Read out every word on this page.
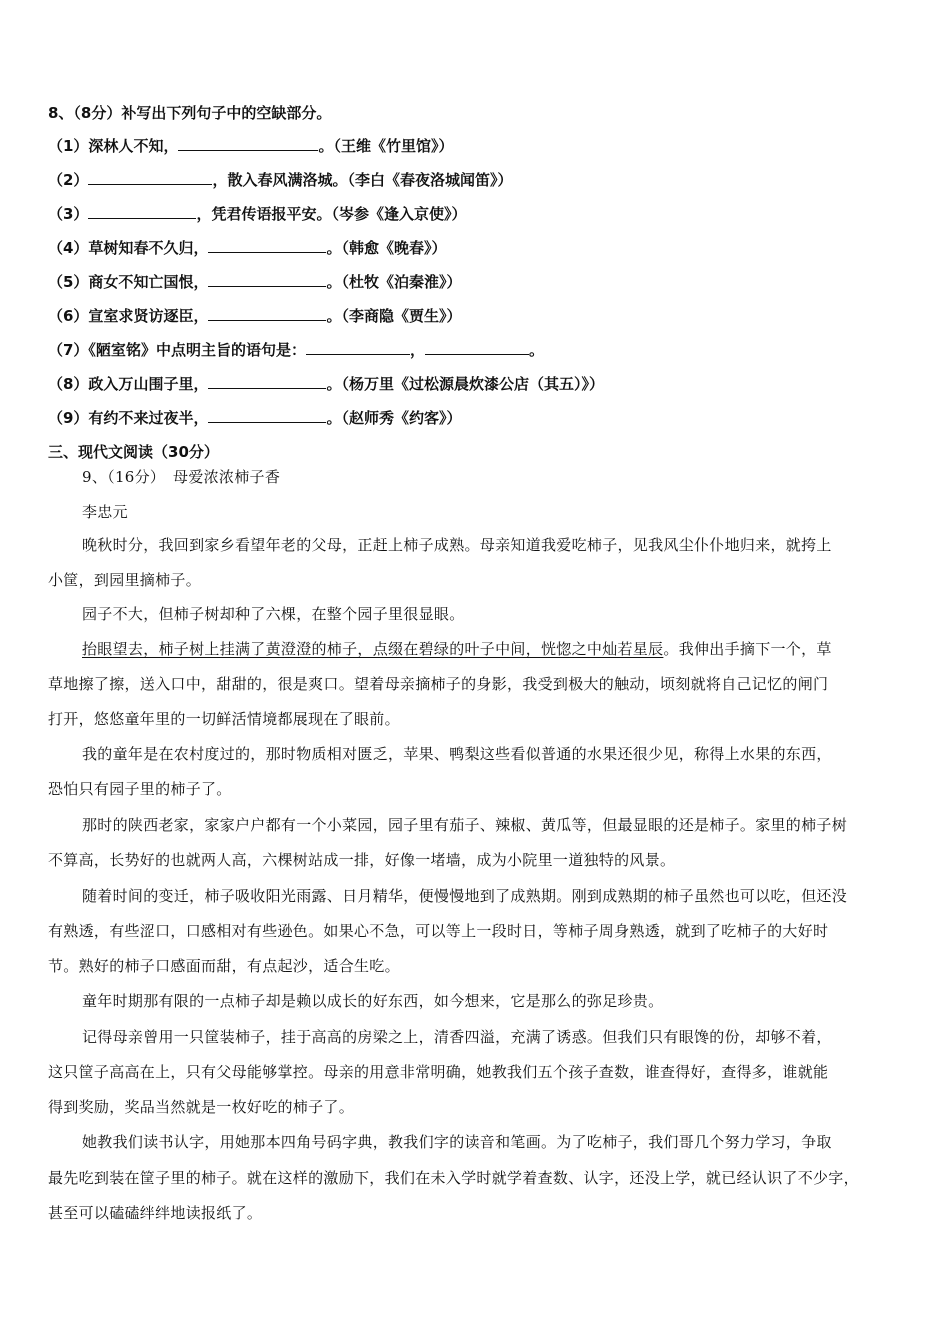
8、（8分）补写出下列句子中的空缺部分。
（1）深林人不知，	。（王维《竹里馆》）
（2）	，散入春风满洛城。（李白《春夜洛城闻笛》）
（3）	，凭君传语报平安。（岑参《逢入京使》）
（4）草树知春不久归，	。（韩愈《晚春》）
（5）商女不知亡国恨，	。（杜牧《泊秦淮》）
（6）宣室求贤访逐臣，	。（李商隐《贾生》）
（7）《陋室铭》中点明主旨的语句是：	，	。
（8）政入万山围子里，	。（杨万里《过松源晨炊漆公店（其五）》）
（9）有约不来过夜半，	。（赵师秀《约客》）
三、现代文阅读（30分）
9、（16分）　母爱浓浓柿子香
李忠元
晚秋时分，我回到家乡看望年老的父母，正赶上柿子成熟。母亲知道我爱吃柿子，见我风尘仆仆地归来，就挎上
小筐，到园里摘柿子。
园子不大，但柿子树却种了六棵，在整个园子里很显眼。
抬眼望去，柿子树上挂满了黄澄澄的柿子，点缀在碧绿的叶子中间，恍惚之中灿若星辰。我伸出手摘下一个，草
草地擦了擦，送入口中，甜甜的，很是爽口。望着母亲摘柿子的身影，我受到极大的触动，顷刻就将自己记忆的闸门
打开，悠悠童年里的一切鲜活情境都展现在了眼前。
我的童年是在农村度过的，那时物质相对匮乏，苹果、鸭梨这些看似普通的水果还很少见，称得上水果的东西，
恐怕只有园子里的柿子了。
那时的陕西老家，家家户户都有一个小菜园，园子里有茄子、辣椒、黄瓜等，但最显眼的还是柿子。家里的柿子树
不算高，长势好的也就两人高，六棵树站成一排，好像一堵墙，成为小院里一道独特的风景。
随着时间的变迁，柿子吸收阳光雨露、日月精华，便慢慢地到了成熟期。刚到成熟期的柿子虽然也可以吃，但还没
有熟透，有些涩口，口感相对有些逊色。如果心不急，可以等上一段时日，等柿子周身熟透，就到了吃柿子的大好时
节。熟好的柿子口感面而甜，有点起沙，适合生吃。
童年时期那有限的一点柿子却是赖以成长的好东西，如今想来，它是那么的弥足珍贵。
记得母亲曾用一只筐装柿子，挂于高高的房梁之上，清香四溢，充满了诱惑。但我们只有眼馋的份，却够不着，
这只筐子高高在上，只有父母能够掌控。母亲的用意非常明确，她教我们五个孩子查数，谁查得好，查得多，谁就能
得到奖励，奖品当然就是一枚好吃的柿子了。
她教我们读书认字，用她那本四角号码字典，教我们字的读音和笔画。为了吃柿子，我们哥几个努力学习，争取
最先吃到装在筐子里的柿子。就在这样的激励下，我们在未入学时就学着查数、认字，还没上学，就已经认识了不少字，
甚至可以磕磕绊绊地读报纸了。
